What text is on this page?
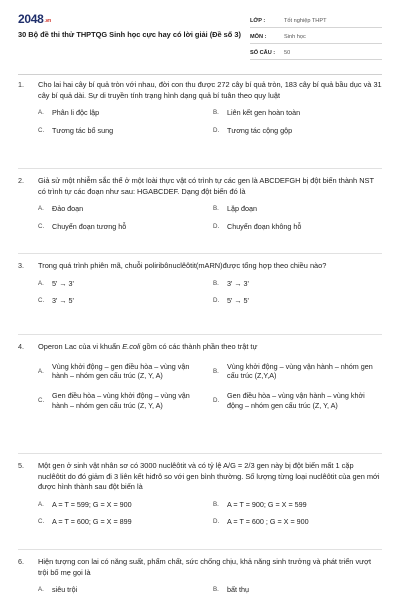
2048.vn
30 Bộ đề thi thử THPTQG Sinh học cực hay có lời giải (Đề số 3)
LỚP :	Tốt nghiệp THPT
MÔN :	Sinh học
SỐ CÂU :	50
1.	Cho lai hai cây bí quả tròn với nhau, đời con thu được 272 cây bí quả tròn, 183 cây bí quả bầu dục và 31 cây bí quả dài. Sự di truyền tính trạng hình dạng quả bí tuân theo quy luật
A.	Phân li độc lập	B.	Liên kết gen hoàn toàn
C.	Tương tác bổ sung	D.	Tương tác cộng gộp
2.	Giả sử một nhiễm sắc thể ở một loài thực vật có trình tự các gen là ABCDEFGH bị đột biến thành NST có trình tự các đoạn như sau: HGABCDEF. Dạng đột biến đó là
A.	Đảo đoạn	B.	Lặp đoạn
C.	Chuyển đoạn tương hỗ	D.	Chuyển đoạn không hỗ
3.	Trong quá trình phiên mã, chuỗi poliribônuclêôtit(mARN)được tổng hợp theo chiều nào?
A.	5' → 3'	B.	3' → 3'
C.	3' → 5'	D.	5' → 5'
4.	Operon Lac của vi khuẩn E.coli gồm có các thành phần theo trật tự
A.
Vùng khởi động – gen điều hòa – vùng vận hành – nhóm gen cấu trúc (Z, Y, A)
B.
Vùng khởi động – vùng vận hành – nhóm gen cấu trúc (Z,Y,A)
C.
Gen điều hòa – vùng khởi động – vùng vận hành – nhóm gen cấu trúc (Z, Y, A)
D.
Gen điều hòa – vùng vận hành – vùng khởi động – nhóm gen cấu trúc (Z, Y, A)
5.	Một gen ở sinh vật nhân sơ có 3000 nuclêôtit và có tỷ lệ A/G = 2/3 gen này bị đột biến mất 1 cặp nuclêôtit do đó giảm đi 3 liên kết hiđrô so với gen bình thường. Số lượng từng loại nuclêôtit của gen mới được hình thành sau đột biến là
A.	A = T = 599; G = X = 900	B.	A = T = 900; G = X = 599
C.	A = T = 600; G = X = 899	D.	A = T = 600 ; G = X = 900
6.	Hiện tượng con lai có năng suất, phẩm chất, sức chống chịu, khả năng sinh trưởng và phát triển vượt trội bố mẹ gọi là
A.	siêu trội	B.	bất thụ
